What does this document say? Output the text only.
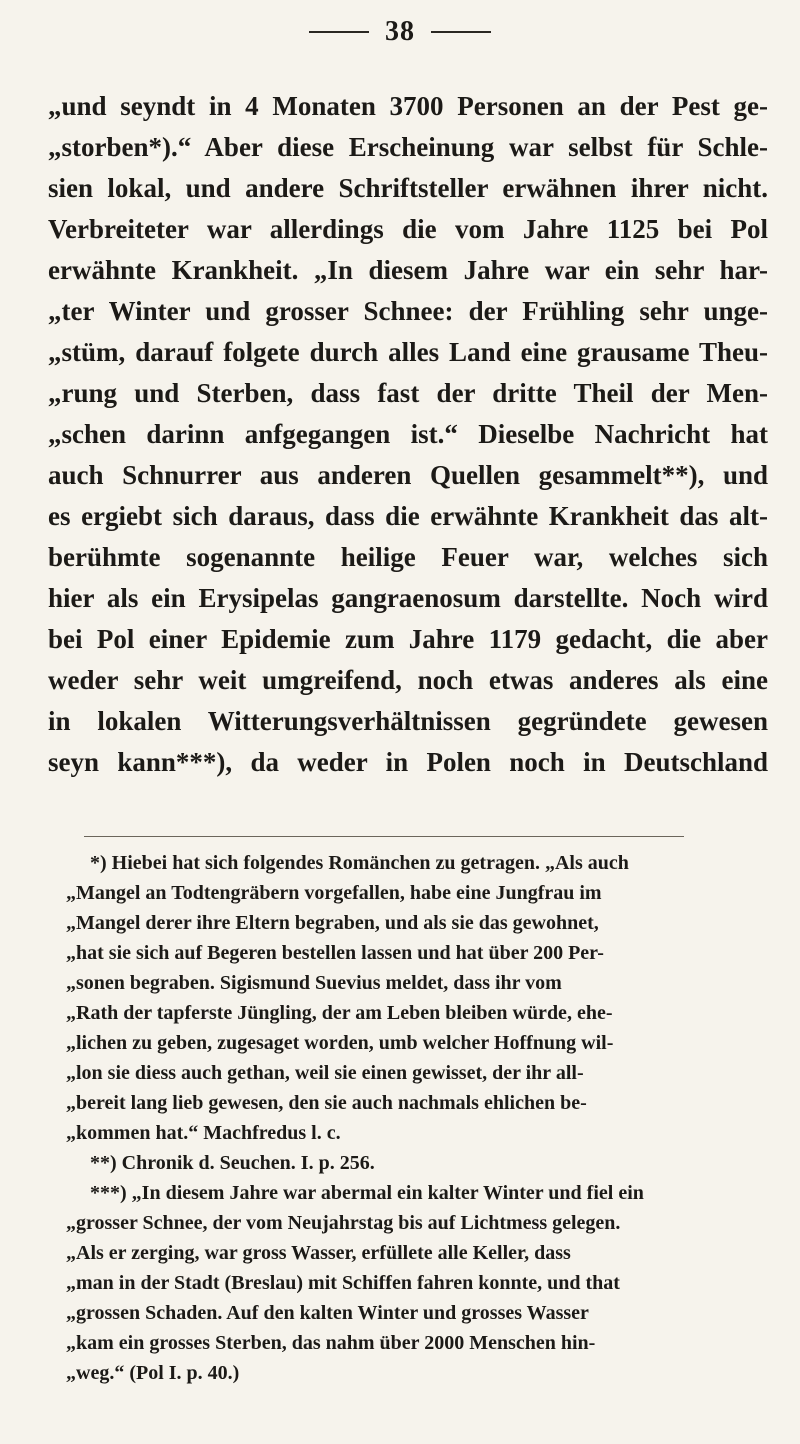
38
„und seyndt in 4 Monaten 3700 Personen an der Pest ge-
„storben*).“ Aber diese Erscheinung war selbst für Schle-
sien lokal, und andere Schriftsteller erwähnen ihrer nicht.
Verbreiteter war allerdings die vom Jahre 1125 bei Pol
erwähnte Krankheit. „In diesem Jahre war ein sehr har-
„ter Winter und grosser Schnee: der Frühling sehr unge-
„stüm, darauf folgete durch alles Land eine grausame Theu-
„rung und Sterben, dass fast der dritte Theil der Men-
„schen darinn anfgegangen ist.“ Dieselbe Nachricht hat
auch Schnurrer aus anderen Quellen gesammelt**), und
es ergiebt sich daraus, dass die erwähnte Krankheit das alt-
berühmte sogenannte heilige Feuer war, welches sich
hier als ein Erysipelas gangraenosum darstellte. Noch wird
bei Pol einer Epidemie zum Jahre 1179 gedacht, die aber
weder sehr weit umgreifend, noch etwas anderes als eine
in lokalen Witterungsverhältnissen gegründete gewesen
seyn kann***), da weder in Polen noch in Deutschland
*) Hiebei hat sich folgendes Romänchen zu getragen. „Als auch
„Mangel an Todtengräbern vorgefallen, habe eine Jungfrau im
„Mangel derer ihre Eltern begraben, und als sie das gewohnet,
„hat sie sich auf Begeren bestellen lassen und hat über 200 Per-
„sonen begraben. Sigismund Suevius meldet, dass ihr vom
„Rath der tapferste Jüngling, der am Leben bleiben würde, ehe-
„lichen zu geben, zugesaget worden, umb welcher Hoffnung wil-
„lon sie diess auch gethan, weil sie einen gewisset, der ihr all-
„bereit lang lieb gewesen, den sie auch nachmals ehlichen be-
„kommen hat.“ Machfredus l. c.
**) Chronik d. Seuchen. I. p. 256.
***) „In diesem Jahre war abermal ein kalter Winter und fiel ein
„grosser Schnee, der vom Neujahrstag bis auf Lichtmess gelegen.
„Als er zerging, war gross Wasser, erfüllete alle Keller, dass
„man in der Stadt (Breslau) mit Schiffen fahren konnte, und that
„grossen Schaden. Auf den kalten Winter und grosses Wasser
„kam ein grosses Sterben, das nahm über 2000 Menschen hin-
„weg.“ (Pol I. p. 40.)
